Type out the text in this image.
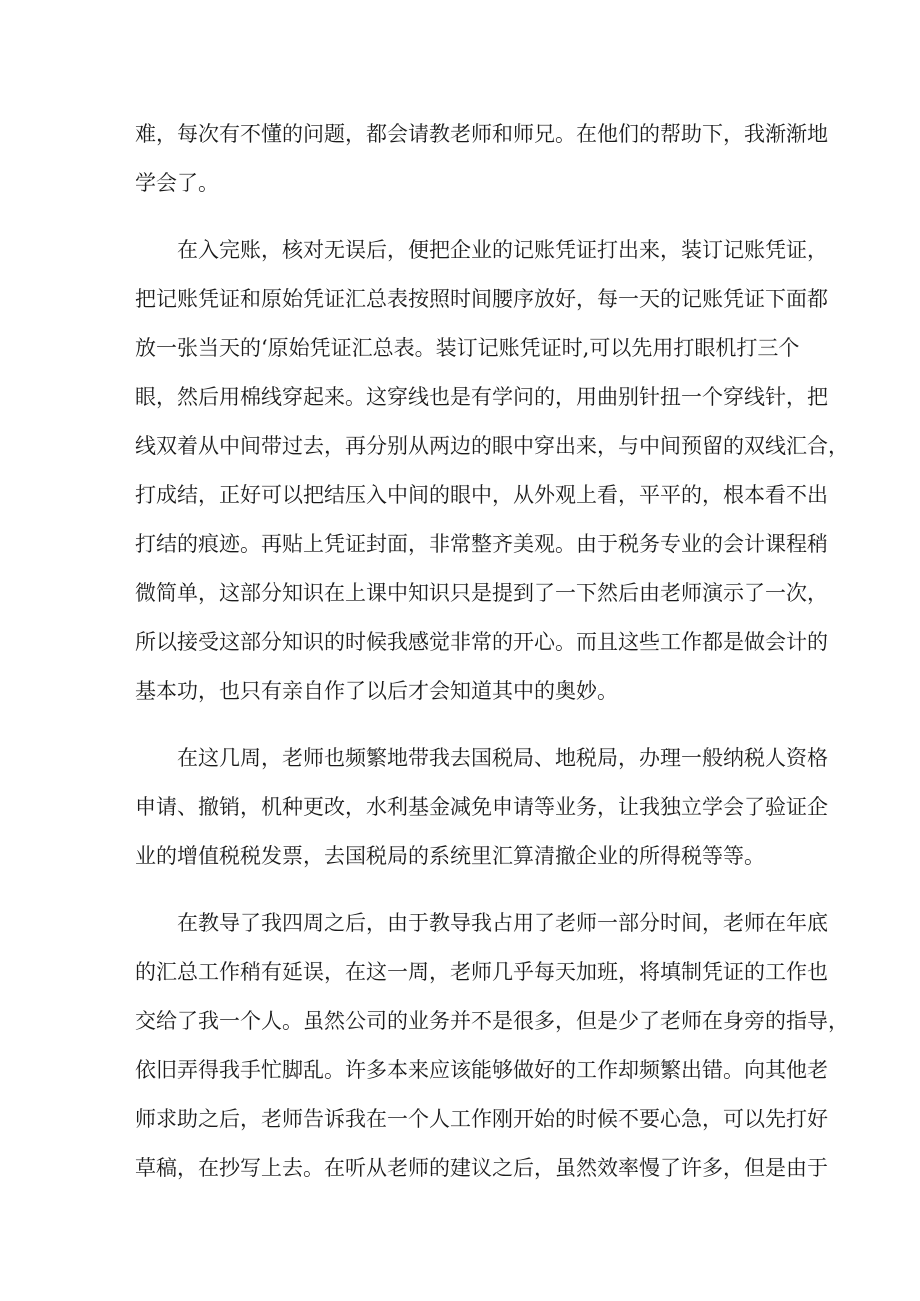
难，每次有不懂的问题，都会请教老师和师兄。在他们的帮助下，我渐渐地
学会了。
在入完账，核对无误后，便把企业的记账凭证打出来，装订记账凭证，
把记账凭证和原始凭证汇总表按照时间腰序放好，每一天的记账凭证下面都
放一张当天的‘原始凭证汇总表。装订记账凭证时,可以先用打眼机打三个
眼，然后用棉线穿起来。这穿线也是有学问的，用曲别针扭一个穿线针，把
线双着从中间带过去，再分别从两边的眼中穿出来，与中间预留的双线汇合，
打成结，正好可以把结压入中间的眼中，从外观上看，平平的，根本看不出
打结的痕迹。再贴上凭证封面，非常整齐美观。由于税务专业的会计课程稍
微简单，这部分知识在上课中知识只是提到了一下然后由老师演示了一次，
所以接受这部分知识的时候我感觉非常的开心。而且这些工作都是做会计的
基本功，也只有亲自作了以后才会知道其中的奥妙。
在这几周，老师也频繁地带我去国税局、地税局，办理一般纳税人资格
申请、撤销，机种更改，水利基金减免申请等业务，让我独立学会了验证企
业的增值税税发票，去国税局的系统里汇算清撤企业的所得税等等。
在教导了我四周之后，由于教导我占用了老师一部分时间，老师在年底
的汇总工作稍有延误，在这一周，老师几乎每天加班，将填制凭证的工作也
交给了我一个人。虽然公司的业务并不是很多，但是少了老师在身旁的指导，
依旧弄得我手忙脚乱。许多本来应该能够做好的工作却频繁出错。向其他老
师求助之后，老师告诉我在一个人工作刚开始的时候不要心急，可以先打好
草稿，在抄写上去。在听从老师的建议之后，虽然效率慢了许多，但是由于
